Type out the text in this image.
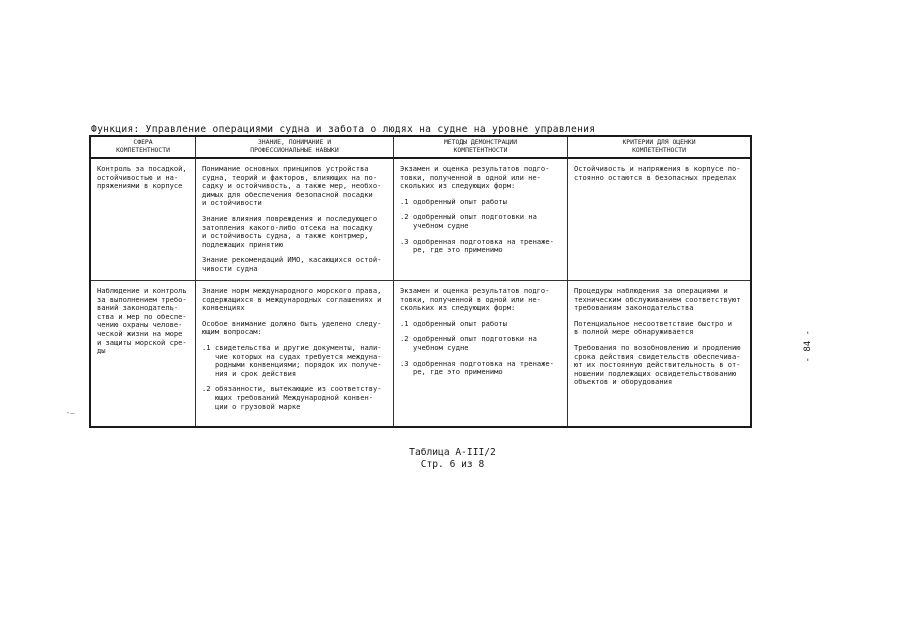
Функция: Управление операциями судна и забота о людях на судне на уровне управления
СФЕРА
КОМПЕТЕНТНОСТИ
ЗНАНИЕ, ПОНИМАНИЕ И
ПРОФЕССИОНАЛЬНЫЕ НАВЫКИ
МЕТОДЫ ДЕМОНСТРАЦИИ
КОМПЕТЕНТНОСТИ
КРИТЕРИИ ДЛЯ ОЦЕНКИ
КОМПЕТЕНТНОСТИ
Контроль за посадкой,
остойчивостью и на-
пряжениями в корпусе

Понимание основных принципов устройства
судна, теорий и факторов, влияющих на по-
садку и остойчивость, а также мер, необхо-
димых для обеспечения безопасной посадки
и остойчивости

Знание влияния повреждения и последующего
затопления какого-либо отсека на посадку
и остойчивость судна, а также контрмер,
подлежащих принятию

Знание рекомендаций ИМО, касающихся остой-
чивости судна

Экзамен и оценка результатов подго-
товки, полученной в одной или не-
скольких из следующих форм:

.1 одобренный опыт работы
.2 одобренный опыт подготовки на
учебном судне
.3 одобренная подготовка на тренаже-
ре, где это применимо

Остойчивость и напряжения в корпусе по-
стоянно остаются в безопасных пределах

Наблюдение и контроль
за выполнением требо-
ваний законодатель-
ства и мер по обеспе-
чению охраны челове-
ческой жизни на море
и защиты морской сре-
ды

Знание норм международного морского права,
содержащихся в международных соглашениях и
конвенциях

Особое внимание должно быть уделено следу-
ющим вопросам:

.1 свидетельства и другие документы, нали-
чие которых на судах требуется междуна-
родными конвенциями; порядок их получе-
ния и срок действия
.2 обязанности, вытекающие из соответству-
ющих требований Международной конвен-
ции о грузовой марке

Экзамен и оценка результатов подго-
товки, полученной в одной или не-
скольких из следующих форм:

.1 одобренный опыт работы
.2 одобренный опыт подготовки на
учебном судне
.3 одобренная подготовка на тренаже-
ре, где это применимо

Процедуры наблюдения за операциями и
техническим обслуживанием соответствуют
требованиям законодательства

Потенциальное несоответствие быстро и
в полной мере обнаруживается

Требования по возобновлению и продлению
срока действия свидетельств обеспечива-
ют их постоянную действительность в от-
ношении подлежащих освидетельствованию
объектов и оборудования

Таблица А-III/2
Стр. 6 из 8
- 84 -
-‒
